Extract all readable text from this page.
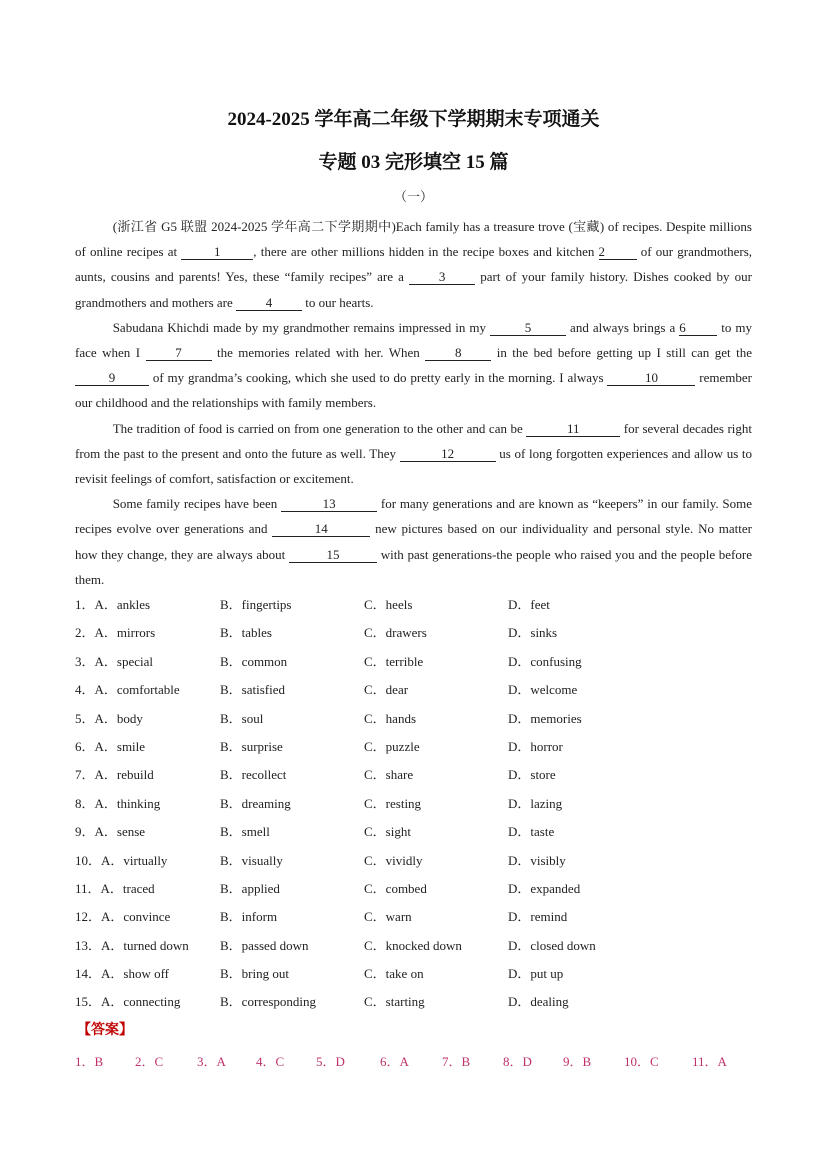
2024-2025 学年高二年级下学期期末专项通关
专题 03 完形填空 15 篇
（一）

(浙江省 G5 联盟 2024-2025 学年高二下学期期中)Each family has a treasure trove (宝藏) of recipes. Despite millions of online recipes at	1	, there are other millions hidden in the recipe boxes and kitchen 2 of our grandmothers, aunts, cousins and parents! Yes, these “family recipes” are a 3 part of your family history. Dishes cooked by our grandmothers and mothers are 4 to our hearts.

Sabudana Khichdi made by my grandmother remains impressed in my	5	and always brings a 6 to my face when I 7 the memories related with her. When 8 in the bed before getting up I still can get the 9	of my grandma’s cooking, which she used to do pretty early in the morning. I always	10	remember our childhood and the relationships with family members.

The tradition of food is carried on from one generation to the other and can be	11	for several decades right from the past to the present and onto the future as well. They	12	us of long forgotten experiences and allow us to revisit feelings of comfort, satisfaction or excitement.

Some family recipes have been	13	for many generations and are known as “keepers” in our family. Some recipes evolve over generations and	14	new pictures based on our individuality and personal style. No matter how they change, they are always about	15	with past generations-the people who raised you and the people before them.

1．A．ankles	B．fingertips	C．heels	D．feet
2．A．mirrors	B．tables	C．drawers	D．sinks
3．A．special	B．common	C．terrible	D．confusing
4．A．comfortable	B．satisfied	C．dear	D．welcome
5．A．body	B．soul	C．hands	D．memories
6．A．smile	B．surprise	C．puzzle	D．horror
7．A．rebuild	B．recollect	C．share	D．store
8．A．thinking	B．dreaming	C．resting	D．lazing
9．A．sense	B．smell	C．sight	D．taste
10．A．virtually	B．visually	C．vividly	D．visibly
11．A．traced	B．applied	C．combed	D．expanded
12．A．convince	B．inform	C．warn	D．remind
13．A．turned down B．passed down	C．knocked down	D．closed down
14．A．show off	B．bring out	C．take on	D．put up
15．A．connecting	B．corresponding	C．starting	D．dealing
【答案】
1．B 2．C	3．A 4．C 5．D	6．A	7．B	8．D 9．B	10．C	11．A
